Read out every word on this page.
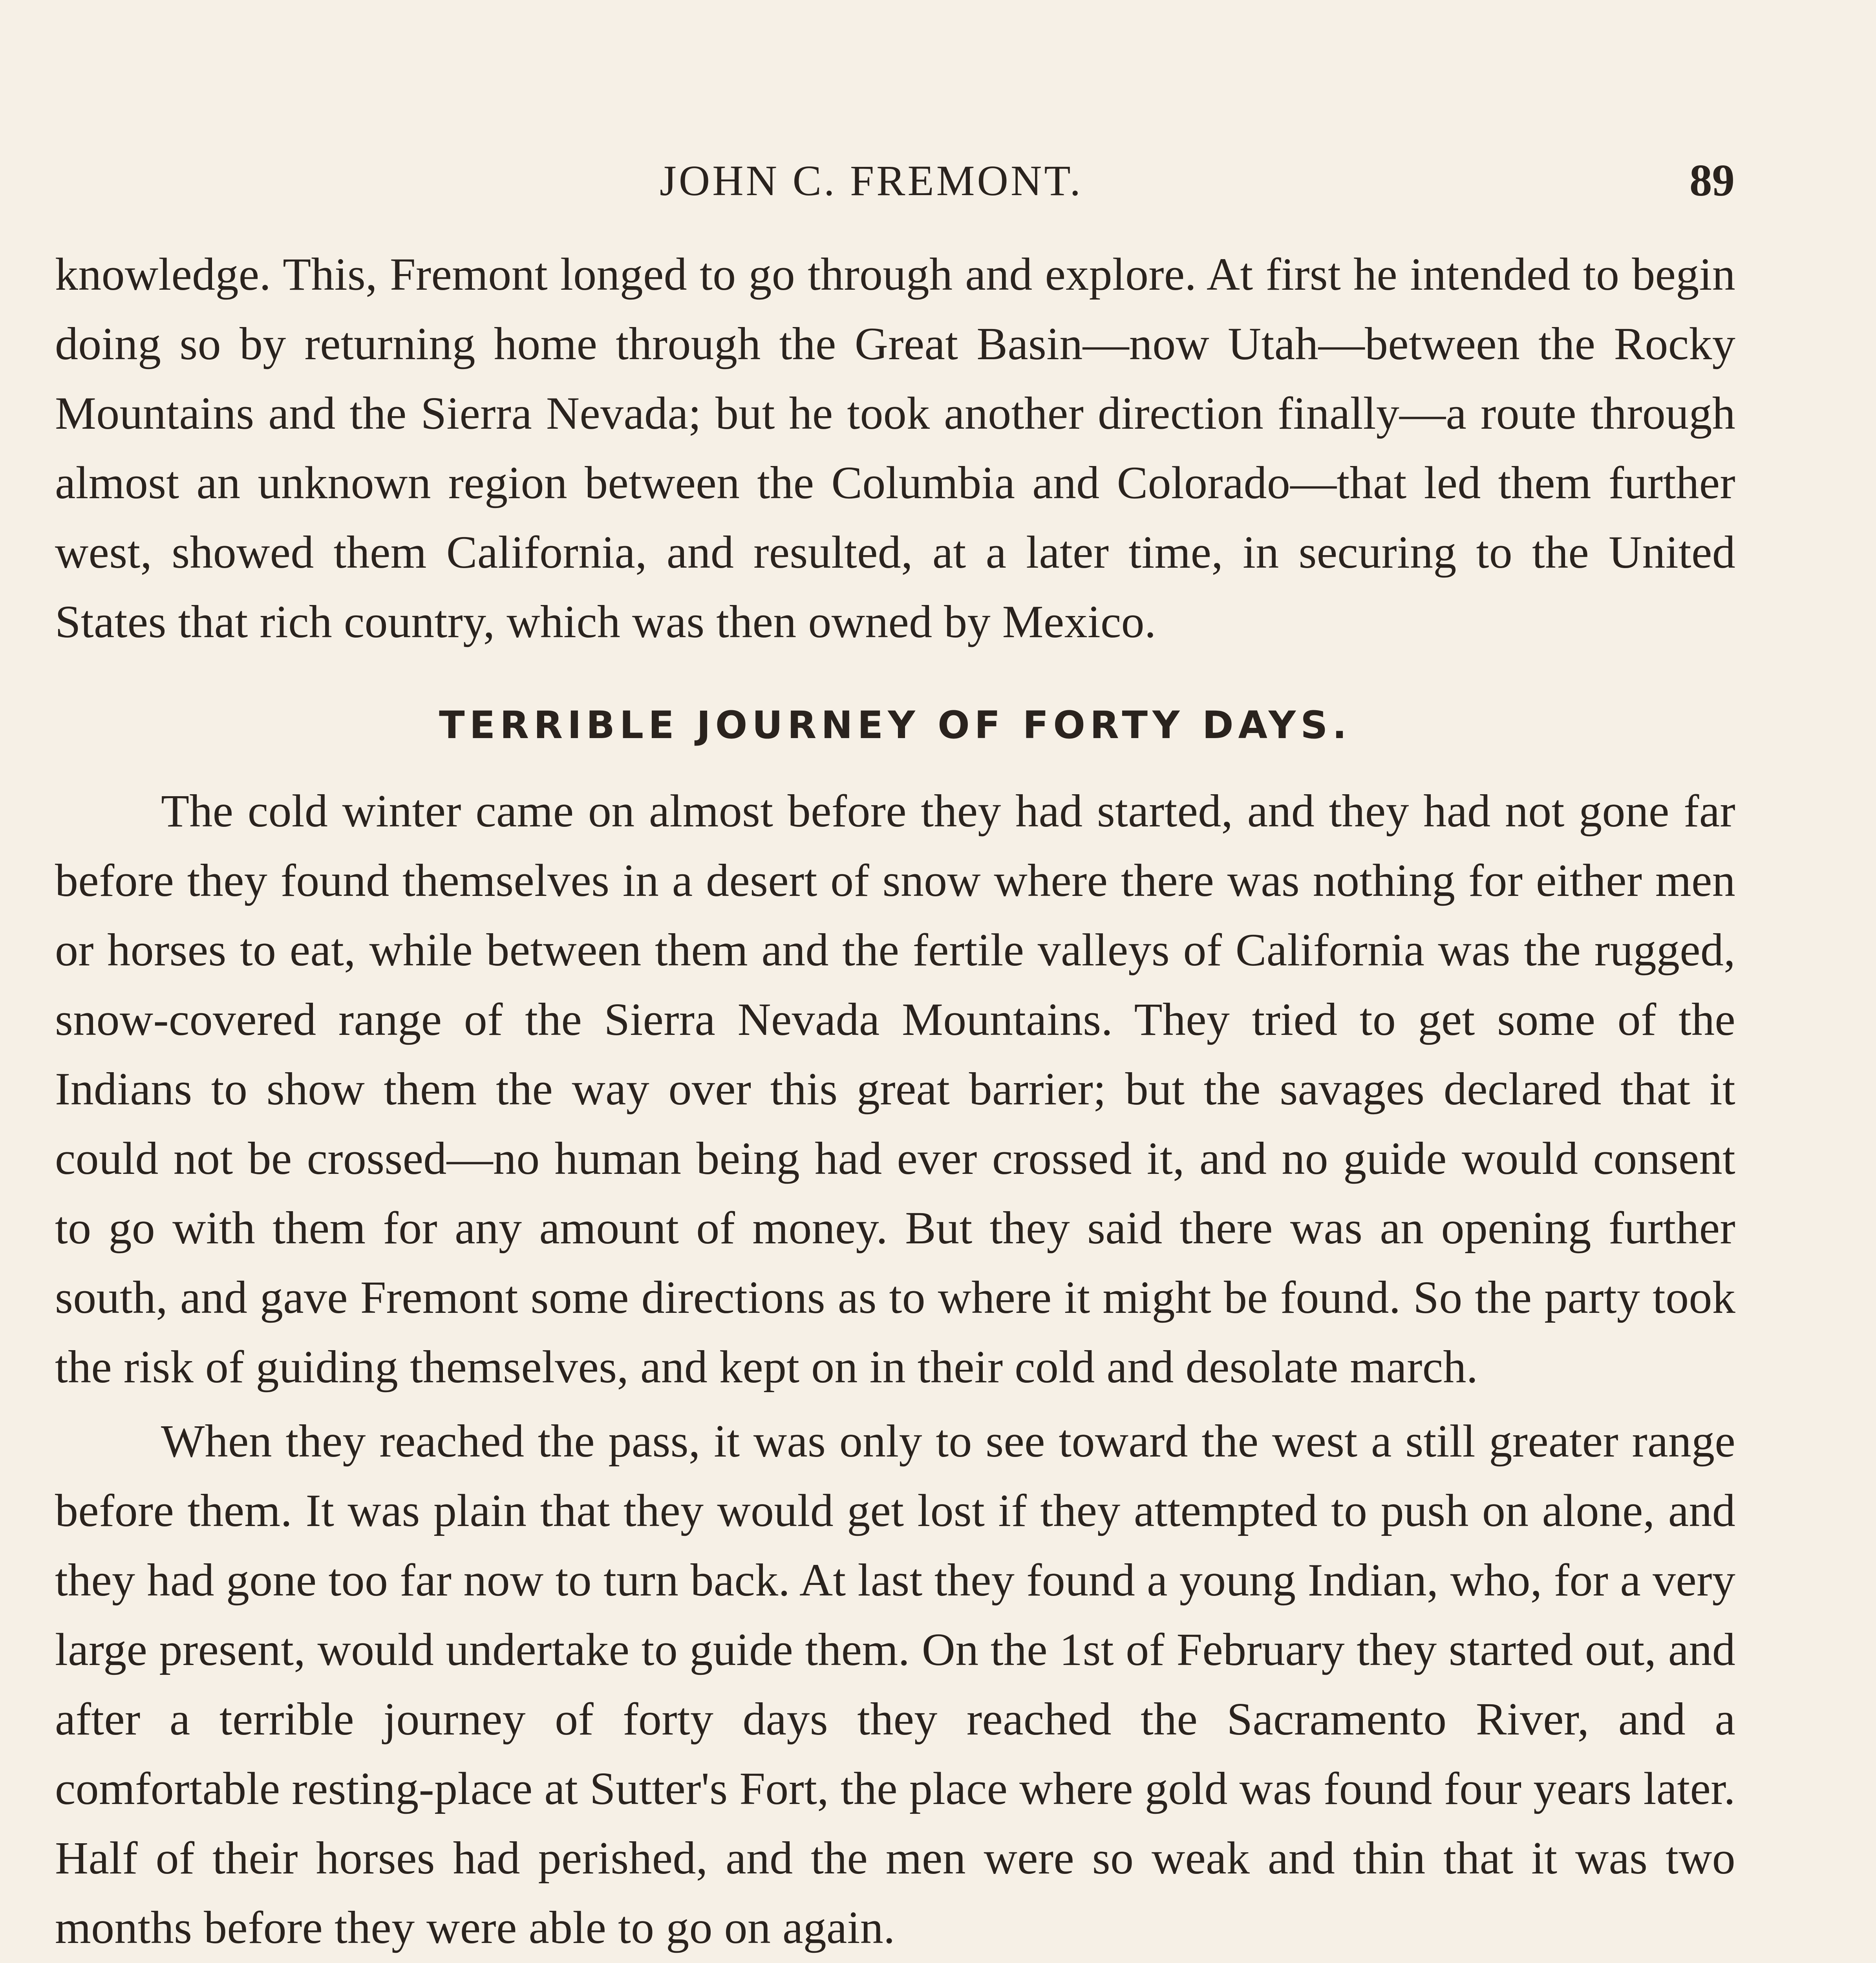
JOHN C. FREMONT.	89

knowledge. This, Fremont longed to go through and explore. At first he intended to begin doing so by returning home through the Great Basin—now Utah—between the Rocky Mountains and the Sierra Nevada; but he took another direction finally—a route through almost an unknown region between the Columbia and Colorado—that led them further west, showed them California, and resulted, at a later time, in securing to the United States that rich country, which was then owned by Mexico.

TERRIBLE JOURNEY OF FORTY DAYS.

The cold winter came on almost before they had started, and they had not gone far before they found themselves in a desert of snow where there was nothing for either men or horses to eat, while between them and the fertile valleys of California was the rugged, snow-covered range of the Sierra Nevada Mountains. They tried to get some of the Indians to show them the way over this great barrier; but the savages declared that it could not be crossed—no human being had ever crossed it, and no guide would consent to go with them for any amount of money. But they said there was an opening further south, and gave Fremont some directions as to where it might be found. So the party took the risk of guiding themselves, and kept on in their cold and desolate march.

When they reached the pass, it was only to see toward the west a still greater range before them. It was plain that they would get lost if they attempted to push on alone, and they had gone too far now to turn back. At last they found a young Indian, who, for a very large present, would undertake to guide them. On the 1st of February they started out, and after a terrible journey of forty days they reached the Sacramento River, and a comfortable resting-place at Sutter's Fort, the place where gold was found four years later. Half of their horses had perished, and the men were so weak and thin that it was two months before they were able to go on again.
